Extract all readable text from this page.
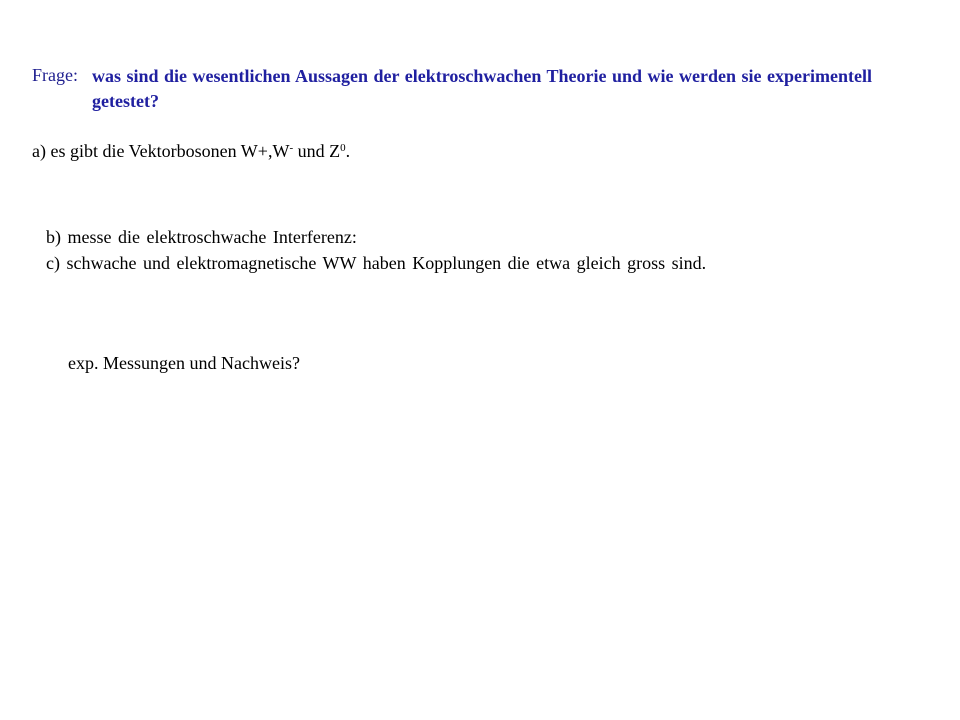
Frage: was sind die wesentlichen Aussagen der elektroschwachen Theorie und wie werden sie experimentell getestet?
a) es gibt die Vektorbosonen W+,W- und $Z^0$.
b) messe die elektroschwache Interferenz:
c) schwache und elektromagnetische WW haben Kopplungen die etwa gleich gross sind.
exp. Messungen und Nachweis?
